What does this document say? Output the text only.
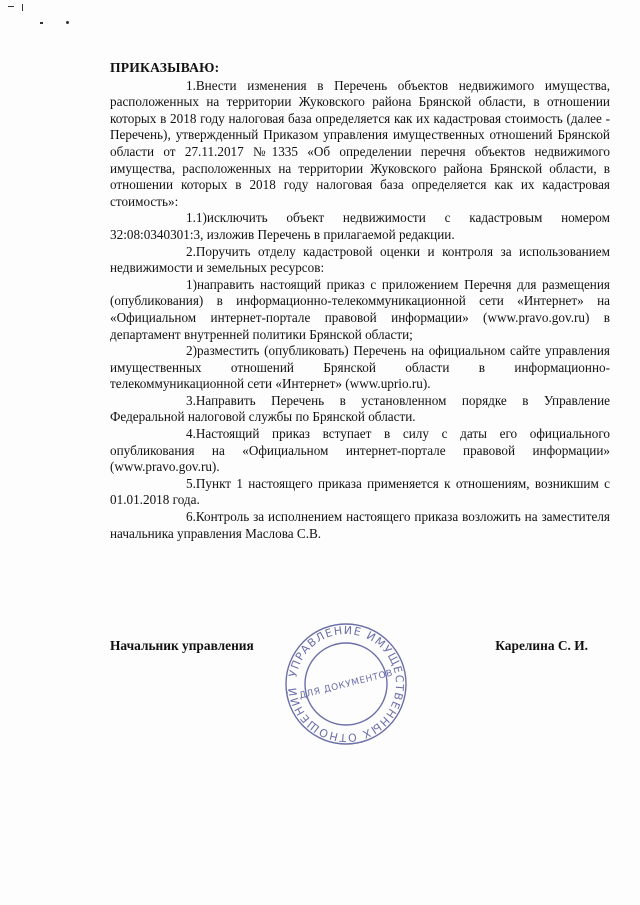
ПРИКАЗЫВАЮ:

1.Внести изменения в Перечень объектов недвижимого имущества, расположенных на территории Жуковского района Брянской области, в отношении которых в 2018 году налоговая база определяется как их кадастровая стоимость (далее - Перечень), утвержденный Приказом управления имущественных отношений Брянской области от 27.11.2017 №1335 «Об определении перечня объектов недвижимого имущества, расположенных на территории Жуковского района Брянской области, в отношении которых в 2018 году налоговая база определяется как их кадастровая стоимость»:

1.1)исключить объект недвижимости с кадастровым номером 32:08:0340301:3, изложив Перечень в прилагаемой редакции.

2.Поручить отделу кадастровой оценки и контроля за использованием недвижимости и земельных ресурсов:

1)направить настоящий приказ с приложением Перечня для размещения (опубликования) в информационно-телекоммуникационной сети «Интернет» на «Официальном интернет-портале правовой информации» (www.pravo.gov.ru) в департамент внутренней политики Брянской области;

2)разместить (опубликовать) Перечень на официальном сайте управления имущественных отношений Брянской области в информационно-телекоммуникационной сети «Интернет» (www.uprio.ru).

3.Направить Перечень в установленном порядке в Управление Федеральной налоговой службы по Брянской области.

4.Настоящий приказ вступает в силу с даты его официального опубликования на «Официальном интернет-портале правовой информации» (www.pravo.gov.ru).

5.Пункт 1 настоящего приказа применяется к отношениям, возникшим с 01.01.2018 года.

6.Контроль за исполнением настоящего приказа возложить на заместителя начальника управления Маслова С.В.

Начальник управления	Карелина С. И.
УПРАВЛЕНИЕ ИМУЩЕСТВЕННЫХ ОТНОШЕНИЙ
ДЛЯ ДОКУМЕНТОВ
